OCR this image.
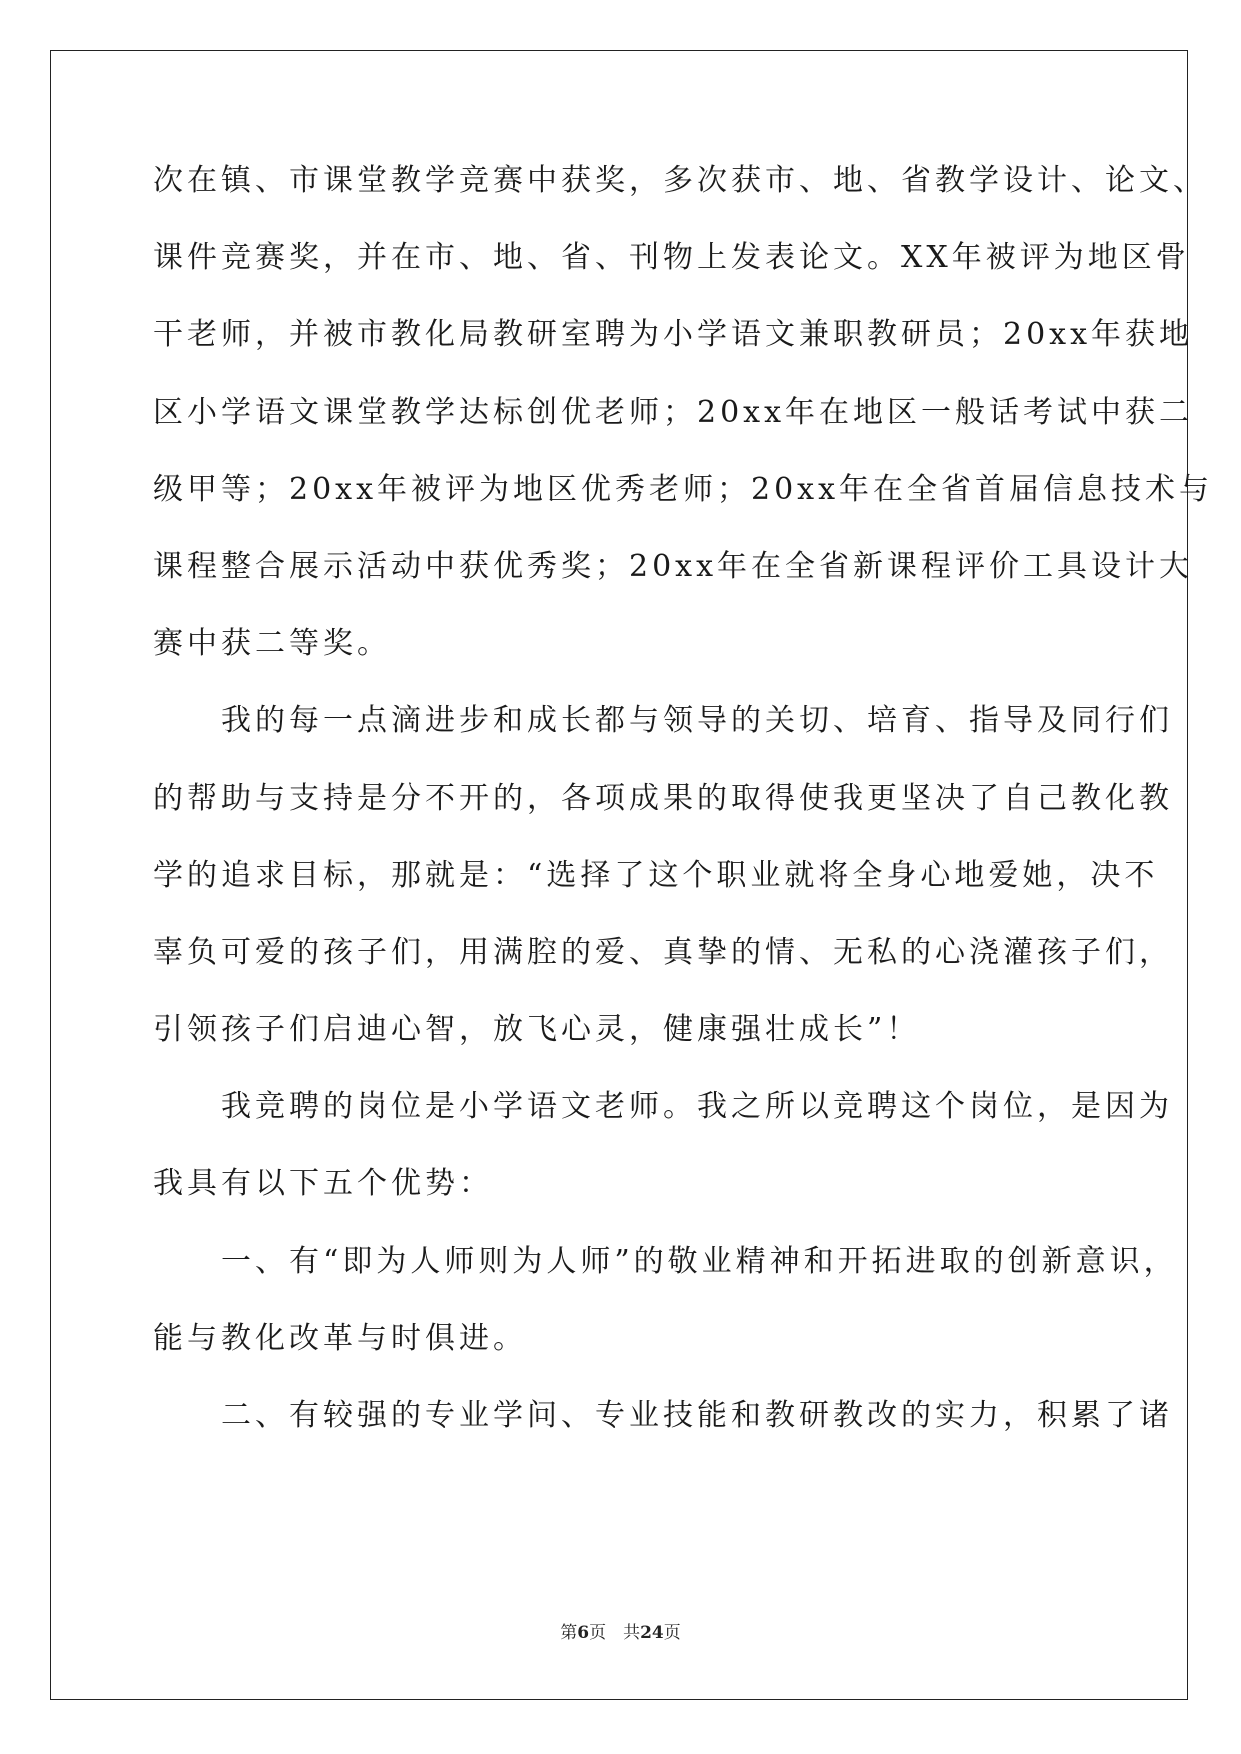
次在镇、市课堂教学竞赛中获奖，多次获市、地、省教学设计、论文、
课件竞赛奖，并在市、地、省、刊物上发表论文。XX年被评为地区骨
干老师，并被市教化局教研室聘为小学语文兼职教研员；20xx年获地
区小学语文课堂教学达标创优老师；20xx年在地区一般话考试中获二
级甲等；20xx年被评为地区优秀老师；20xx年在全省首届信息技术与
课程整合展示活动中获优秀奖；20xx年在全省新课程评价工具设计大
赛中获二等奖。
　　我的每一点滴进步和成长都与领导的关切、培育、指导及同行们
的帮助与支持是分不开的，各项成果的取得使我更坚决了自己教化教
学的追求目标，那就是：“选择了这个职业就将全身心地爱她，决不
辜负可爱的孩子们，用满腔的爱、真挚的情、无私的心浇灌孩子们，
引领孩子们启迪心智，放飞心灵，健康强壮成长”！
　　我竞聘的岗位是小学语文老师。我之所以竞聘这个岗位，是因为
我具有以下五个优势：
　　一、有“即为人师则为人师”的敬业精神和开拓进取的创新意识，
能与教化改革与时俱进。
　　二、有较强的专业学问、专业技能和教研教改的实力，积累了诸
第6页　共24页
